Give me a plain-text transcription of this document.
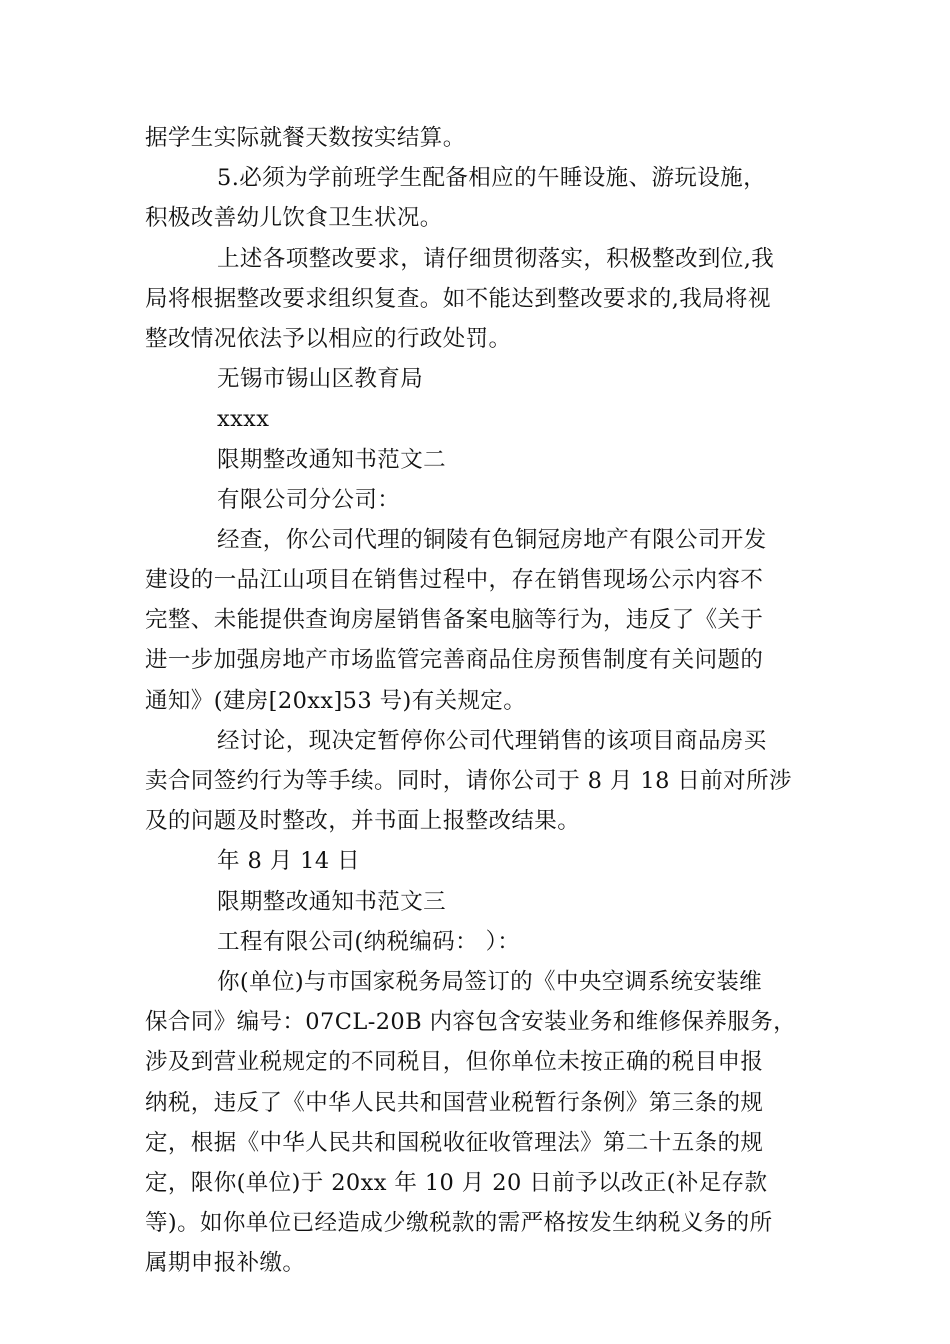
据学生实际就餐天数按实结算。
5.必须为学前班学生配备相应的午睡设施、游玩设施，
积极改善幼儿饮食卫生状况。
上述各项整改要求，请仔细贯彻落实，积极整改到位,我
局将根据整改要求组织复查。如不能达到整改要求的,我局将视
整改情况依法予以相应的行政处罚。
无锡市锡山区教育局
xxxx
限期整改通知书范文二
有限公司分公司：
经查，你公司代理的铜陵有色铜冠房地产有限公司开发
建设的一品江山项目在销售过程中，存在销售现场公示内容不
完整、未能提供查询房屋销售备案电脑等行为，违反了《关于
进一步加强房地产市场监管完善商品住房预售制度有关问题的
通知》(建房[20xx]53 号)有关规定。
经讨论，现决定暂停你公司代理销售的该项目商品房买
卖合同签约行为等手续。同时，请你公司于 8 月 18 日前对所涉
及的问题及时整改，并书面上报整改结果。
年 8 月 14 日
限期整改通知书范文三
工程有限公司(纳税编码： ）：
你(单位)与市国家税务局签订的《中央空调系统安装维
保合同》编号：07CL-20B 内容包含安装业务和维修保养服务，
涉及到营业税规定的不同税目，但你单位未按正确的税目申报
纳税，违反了《中华人民共和国营业税暂行条例》第三条的规
定，根据《中华人民共和国税收征收管理法》第二十五条的规
定，限你(单位)于 20xx 年 10 月 20 日前予以改正(补足存款
等)。如你单位已经造成少缴税款的需严格按发生纳税义务的所
属期申报补缴。
